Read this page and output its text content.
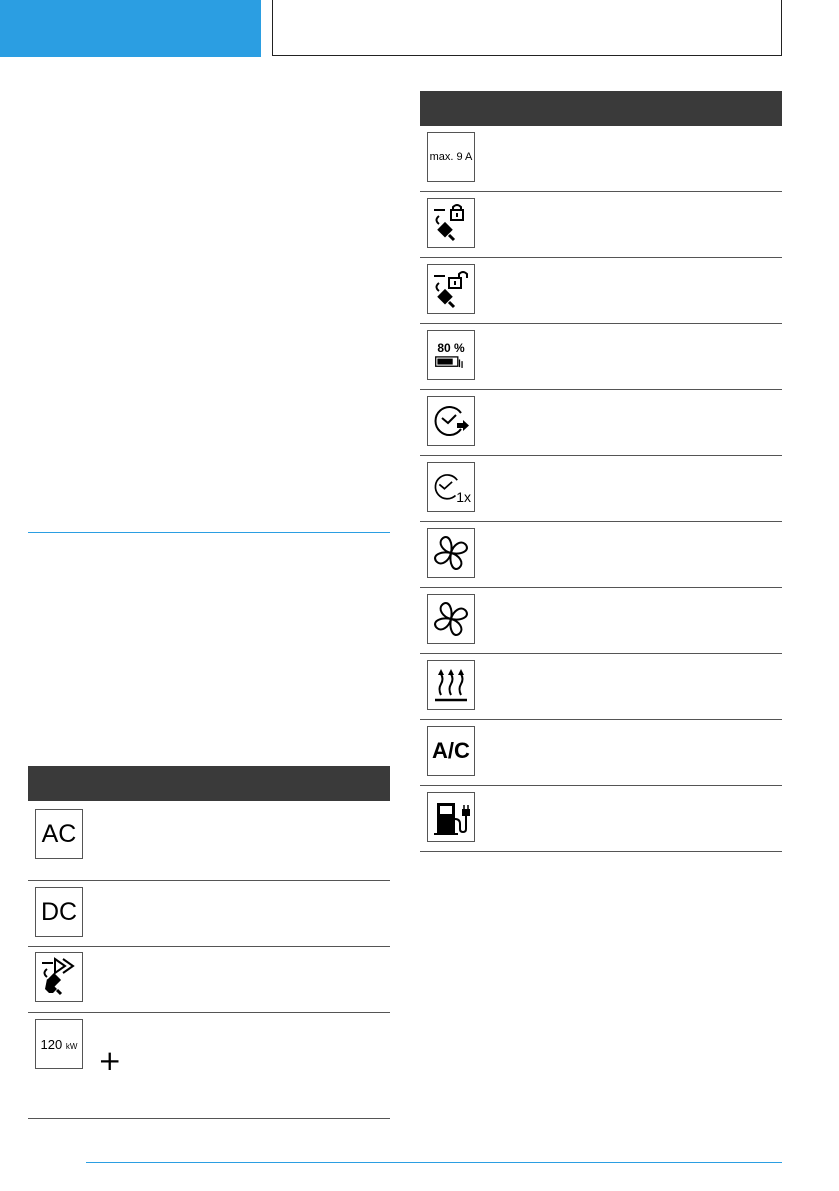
AC
DC
120 kW +
max. 9 A
80 %
1x
A/C
